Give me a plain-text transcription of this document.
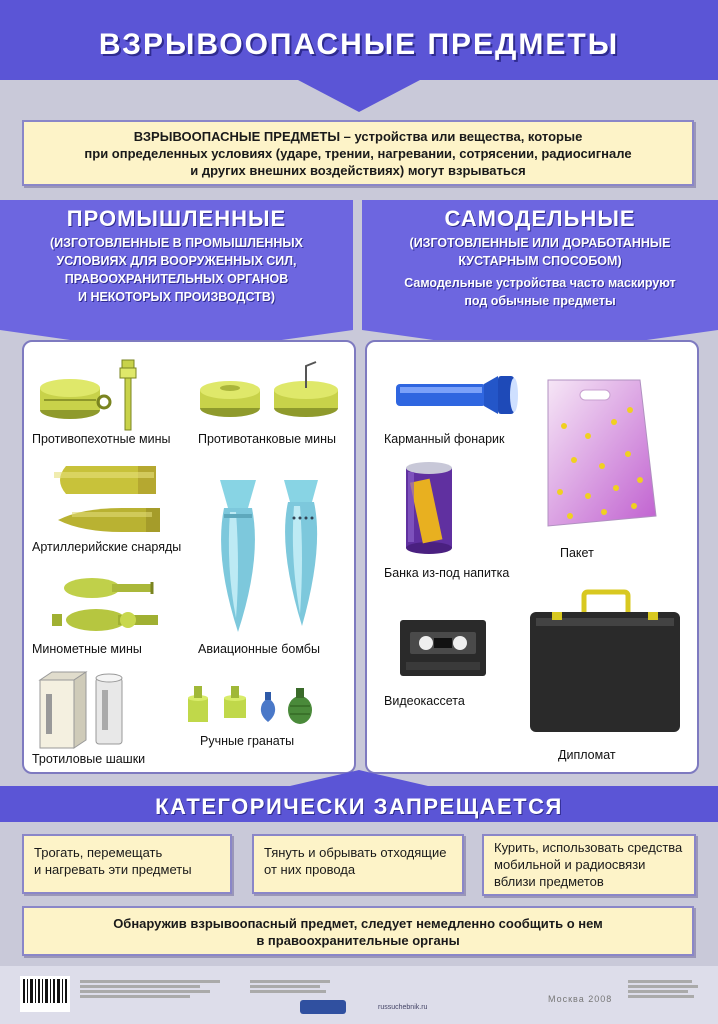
ВЗРЫВООПАСНЫЕ ПРЕДМЕТЫ
ВЗРЫВООПАСНЫЕ ПРЕДМЕТЫ – устройства или вещества, которые
при определенных условиях (ударе, трении, нагревании, сотрясении, радиосигнале
и других внешних воздействиях) могут взрываться
ПРОМЫШЛЕННЫЕ
(ИЗГОТОВЛЕННЫЕ В ПРОМЫШЛЕННЫХ
УСЛОВИЯХ ДЛЯ ВООРУЖЕННЫХ СИЛ,
ПРАВООХРАНИТЕЛЬНЫХ ОРГАНОВ
И НЕКОТОРЫХ ПРОИЗВОДСТВ)
САМОДЕЛЬНЫЕ
(ИЗГОТОВЛЕННЫЕ ИЛИ ДОРАБОТАННЫЕ
КУСТАРНЫМ СПОСОБОМ)
Самодельные устройства часто маскируют
под обычные предметы
Противопехотные мины Противотанковые мины
Артиллерийские снаряды
Минометные мины	Авиационные бомбы
Тротиловые шашки
Ручные гранаты
Карманный фонарик
Банка из-под напитка
Пакет
Видеокассета
Дипломат
КАТЕГОРИЧЕСКИ ЗАПРЕЩАЕТСЯ
Трогать, перемещать
и нагревать эти предметы
Тянуть и обрывать отходящие
от них провода
Курить, использовать средства
мобильной и радиосвязи
вблизи предметов
Обнаружив взрывоопасный предмет, следует немедленно сообщить о нем
в правоохранительные органы
russuchebnik.ru
Москва 2008
